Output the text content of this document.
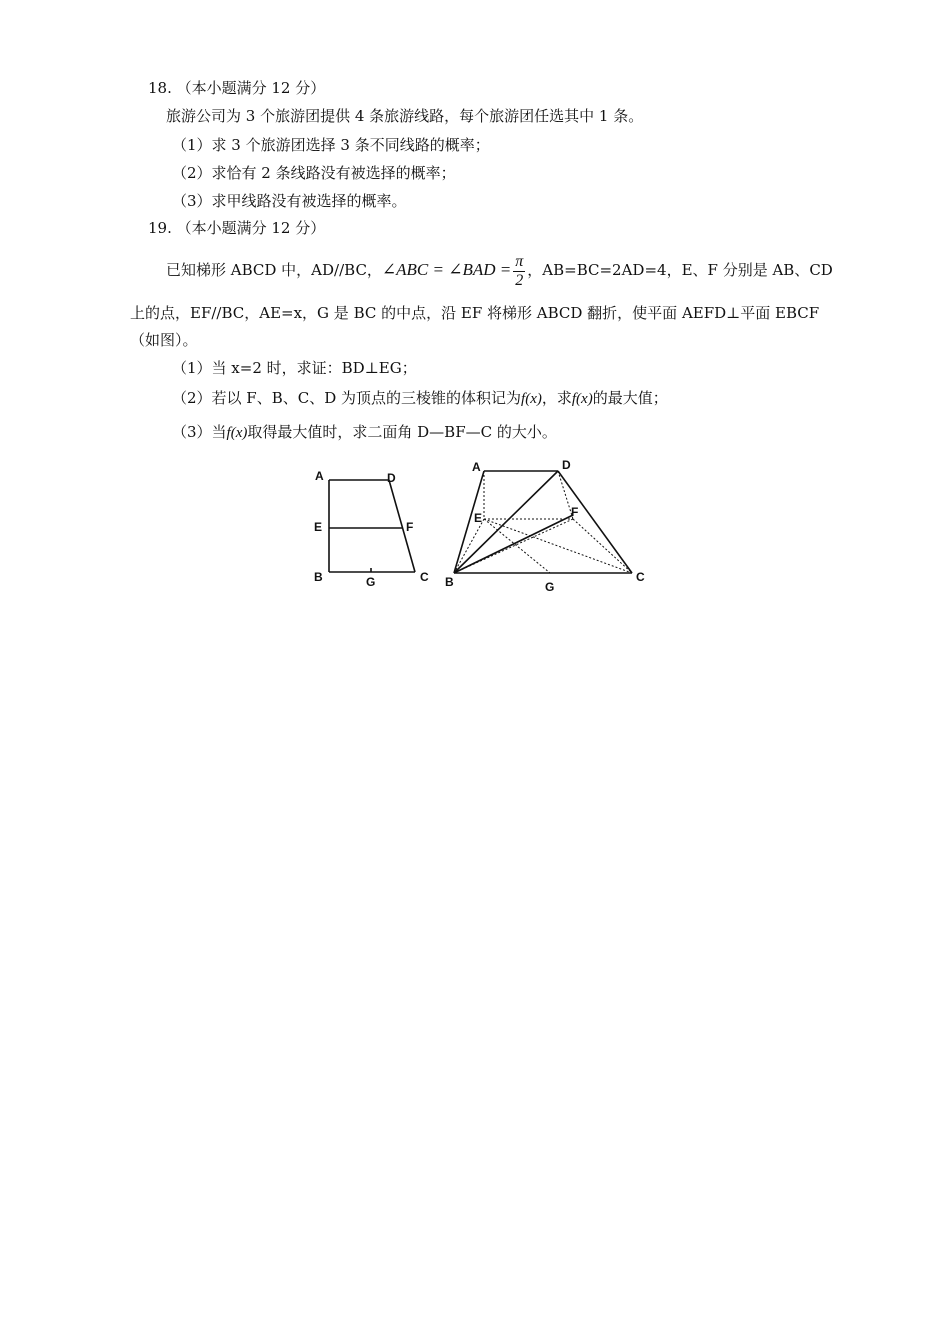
18. （本小题满分 12 分）
旅游公司为 3 个旅游团提供 4 条旅游线路，每个旅游团任选其中 1 条。
（1）求 3 个旅游团选择 3 条不同线路的概率；
（2）求恰有 2 条线路没有被选择的概率；
（3）求甲线路没有被选择的概率。
19. （本小题满分 12 分）
已知梯形 ABCD 中，AD//BC，∠ABC = ∠BAD = $\frac{\pi}{2}$ ，AB=BC=2AD=4，E、F 分别是 AB、CD
上的点，EF//BC，AE=x，G 是 BC 的中点，沿 EF 将梯形 ABCD 翻折，使平面 AEFD⊥平面 EBCF
（如图）。
（1）当 x=2 时，求证：BD⊥EG；
（2）若以 F、B、C、D 为顶点的三棱锥的体积记为f(x)，求f(x)的最大值；
（3）当f(x)取得最大值时，求二面角 D—BF—C 的大小。
A	D
E	F
B	G	C
A	D
E	F
B	G
C
